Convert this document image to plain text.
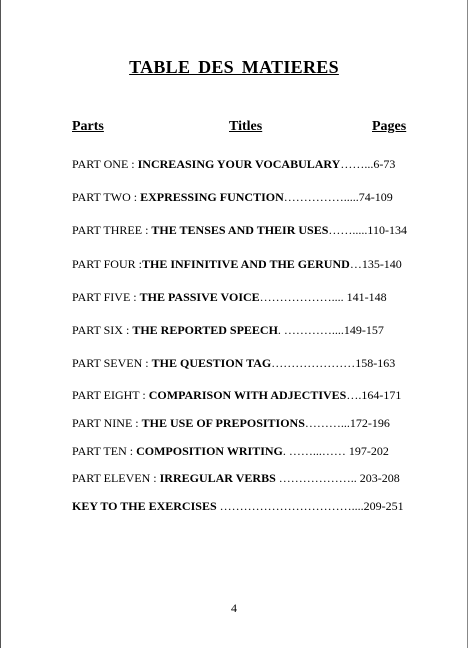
TABLE DES MATIERES
Parts	Titles	Pages
PART ONE : INCREASING YOUR VOCABULARY……...6-73
PART TWO : EXPRESSING FUNCTION…………….....74-109
PART THREE : THE TENSES AND THEIR USES…….....110-134
PART FOUR :THE INFINITIVE AND THE GERUND…135-140
PART FIVE : THE PASSIVE VOICE……………….... 141-148
PART SIX : THE REPORTED SPEECH. …………....149-157
PART SEVEN : THE QUESTION TAG…………………158-163
PART EIGHT : COMPARISON WITH ADJECTIVES….164-171
PART NINE : THE USE OF PREPOSITIONS………...172-196
PART TEN : COMPOSITION WRITING. ……...…… 197-202
PART ELEVEN : IRREGULAR VERBS ……………….. 203-208
KEY TO THE EXERCISES ……………………………....209-251
4
